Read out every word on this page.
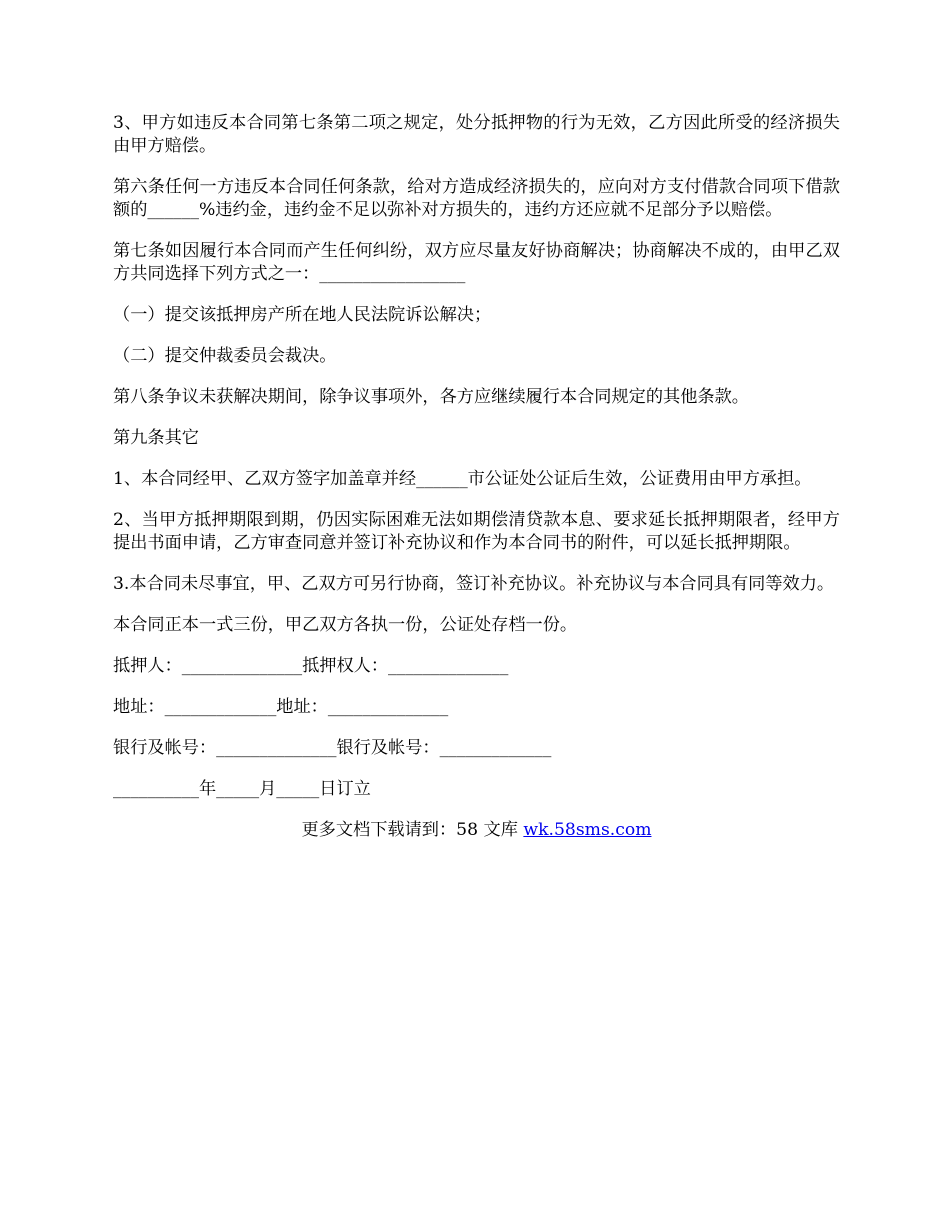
3、甲方如违反本合同第七条第二项之规定，处分抵押物的行为无效，乙方因此所受的经济损失由甲方赔偿。

第六条任何一方违反本合同任何条款，给对方造成经济损失的，应向对方支付借款合同项下借款额的______%违约金，违约金不足以弥补对方损失的，违约方还应就不足部分予以赔偿。

第七条如因履行本合同而产生任何纠纷，双方应尽量友好协商解决；协商解决不成的，由甲乙双方共同选择下列方式之一：_________________

（一）提交该抵押房产所在地人民法院诉讼解决；

（二）提交仲裁委员会裁决。

第八条争议未获解决期间，除争议事项外，各方应继续履行本合同规定的其他条款。

第九条其它

1、本合同经甲、乙双方签字加盖章并经______市公证处公证后生效，公证费用由甲方承担。

2、当甲方抵押期限到期，仍因实际困难无法如期偿清贷款本息、要求延长抵押期限者，经甲方提出书面申请，乙方审查同意并签订补充协议和作为本合同书的附件，可以延长抵押期限。

3.本合同未尽事宜，甲、乙双方可另行协商，签订补充协议。补充协议与本合同具有同等效力。

本合同正本一式三份，甲乙双方各执一份，公证处存档一份。

抵押人：______________抵押权人：______________

地址：_____________地址：______________

银行及帐号：______________银行及帐号：_____________

__________年_____月_____日订立

更多文档下载请到：58 文库 wk.58sms.com
